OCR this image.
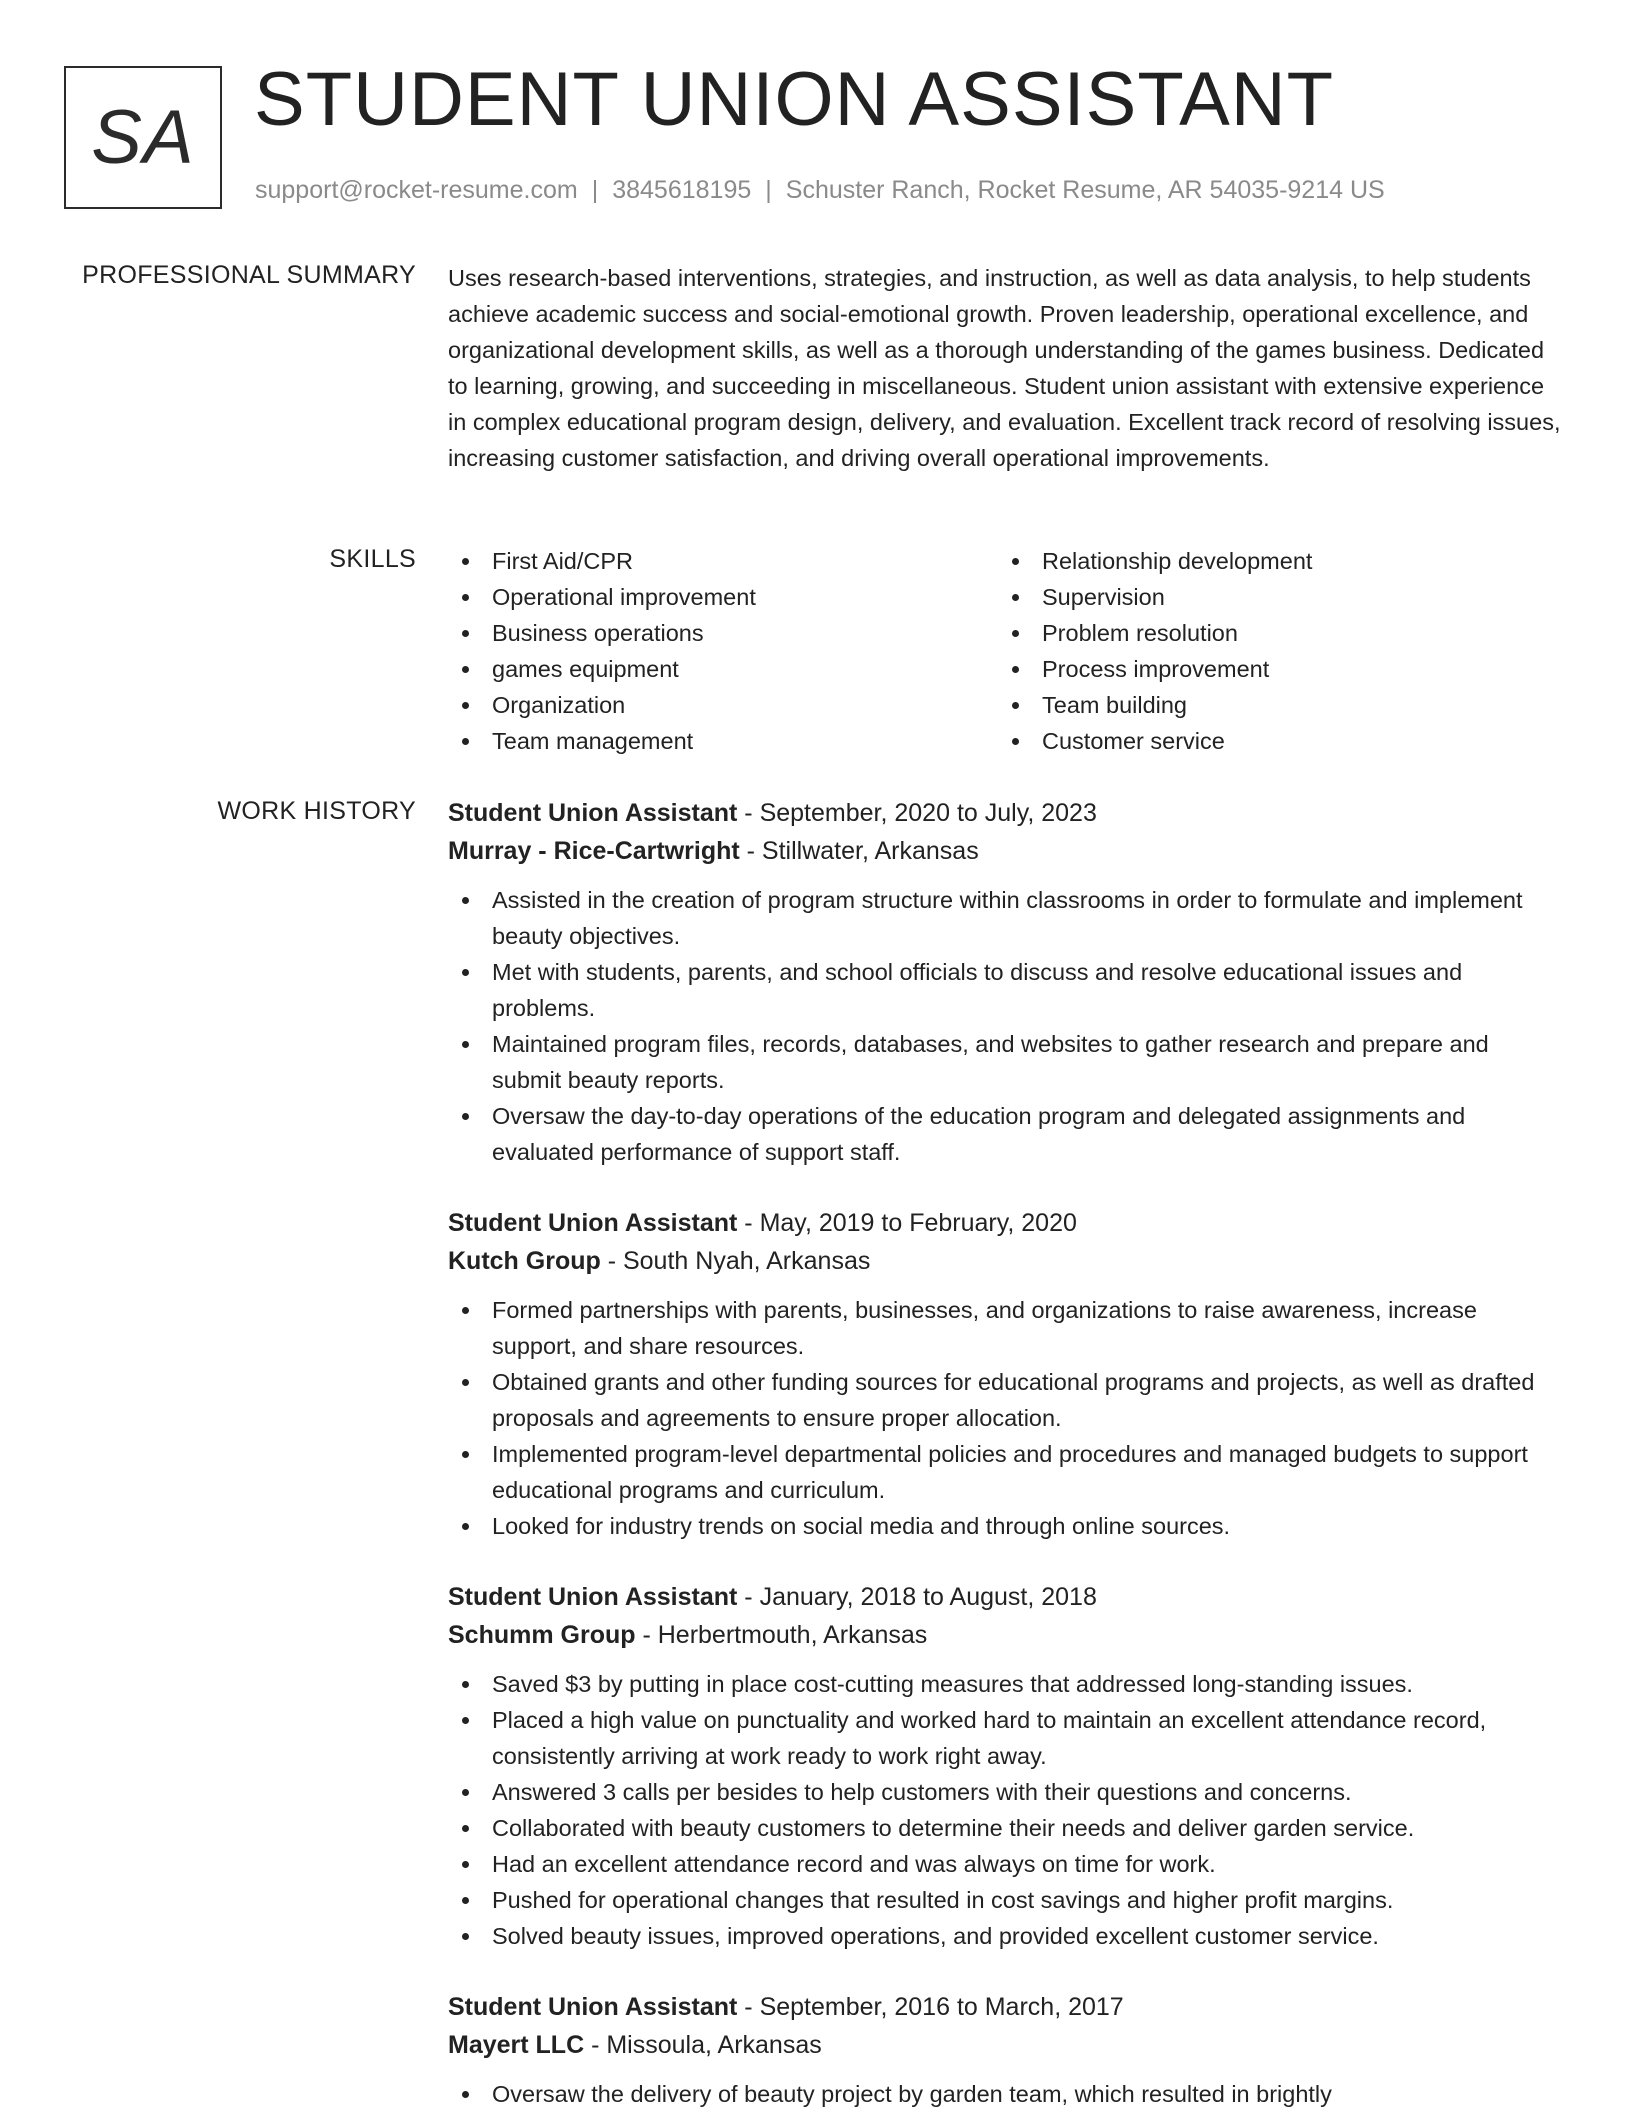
SA STUDENT UNION ASSISTANT
support@rocket-resume.com | 3845618195 | Schuster Ranch, Rocket Resume, AR 54035-9214 US
PROFESSIONAL SUMMARY Uses research-based interventions, strategies, and instruction, as well as data analysis, to help students achieve academic success and social-emotional growth. Proven leadership, operational excellence, and organizational development skills, as well as a thorough understanding of the games business. Dedicated to learning, growing, and succeeding in miscellaneous. Student union assistant with extensive experience in complex educational program design, delivery, and evaluation. Excellent track record of resolving issues, increasing customer satisfaction, and driving overall operational improvements.
SKILLS	First Aid/CPR
Operational improvement
Business operations
games equipment
Organization
Team management
Relationship development
Supervision
Problem resolution
Process improvement
Team building
Customer service
WORK HISTORY Student Union Assistant - September, 2020 to July, 2023
Murray - Rice-Cartwright - Stillwater, Arkansas
Assisted in the creation of program structure within classrooms in order to formulate and implement beauty objectives.
Met with students, parents, and school officials to discuss and resolve educational issues and problems.
Maintained program files, records, databases, and websites to gather research and prepare and submit beauty reports.
Oversaw the day-to-day operations of the education program and delegated assignments and evaluated performance of support staff.
Student Union Assistant - May, 2019 to February, 2020
Kutch Group - South Nyah, Arkansas
Formed partnerships with parents, businesses, and organizations to raise awareness, increase support, and share resources.
Obtained grants and other funding sources for educational programs and projects, as well as drafted proposals and agreements to ensure proper allocation.
Implemented program-level departmental policies and procedures and managed budgets to support educational programs and curriculum.
Looked for industry trends on social media and through online sources.
Student Union Assistant - January, 2018 to August, 2018
Schumm Group - Herbertmouth, Arkansas
Saved $3 by putting in place cost-cutting measures that addressed long-standing issues.
Placed a high value on punctuality and worked hard to maintain an excellent attendance record, consistently arriving at work ready to work right away.
Answered 3 calls per besides to help customers with their questions and concerns.
Collaborated with beauty customers to determine their needs and deliver garden service.
Had an excellent attendance record and was always on time for work.
Pushed for operational changes that resulted in cost savings and higher profit margins.
Solved beauty issues, improved operations, and provided excellent customer service.
Student Union Assistant - September, 2016 to March, 2017
Mayert LLC - Missoula, Arkansas
Oversaw the delivery of beauty project by garden team, which resulted in brightly
